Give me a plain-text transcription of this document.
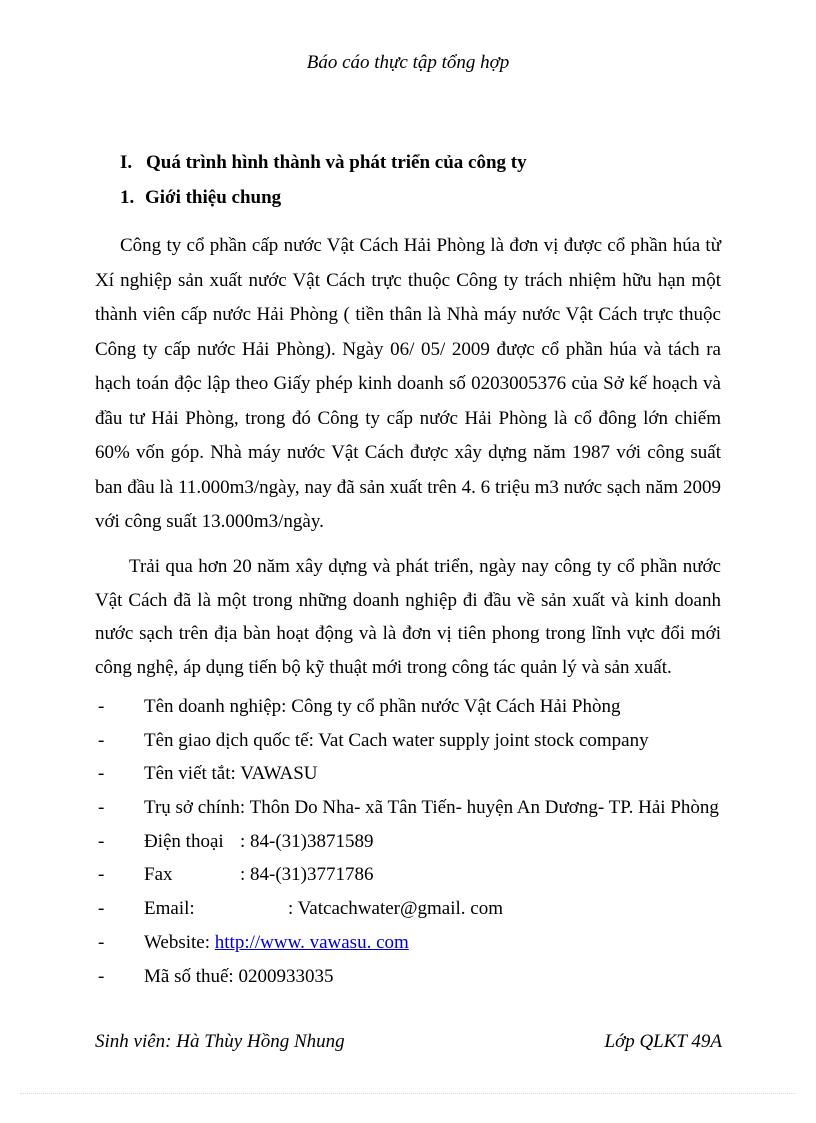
Báo cáo thực tập tổng hợp
I. Quá trình hình thành và phát triển của công ty
1. Giới thiệu chung

Công ty cổ phần cấp nước Vật Cách Hải Phòng là đơn vị được cổ phần húa từ Xí nghiệp sản xuất nước Vật Cách trực thuộc Công ty trách nhiệm hữu hạn một thành viên cấp nước Hải Phòng ( tiền thân là Nhà máy nước Vật Cách trực thuộc Công ty cấp nước Hải Phòng). Ngày 06/ 05/ 2009 được cổ phần húa và tách ra hạch toán độc lập theo Giấy phép kinh doanh số 0203005376 của Sở kế hoạch và đầu tư Hải Phòng, trong đó Công ty cấp nước Hải Phòng là cổ đông lớn chiếm 60% vốn góp. Nhà máy nước Vật Cách được xây dựng năm 1987 với công suất ban đầu là 11.000m3/ngày, nay đã sản xuất trên 4. 6 triệu m3 nước sạch năm 2009 với công suất 13.000m3/ngày.

Trải qua hơn 20 năm xây dựng và phát triển, ngày nay công ty cổ phần nước Vật Cách đã là một trong những doanh nghiệp đi đầu về sản xuất và kinh doanh nước sạch trên địa bàn hoạt động và là đơn vị tiên phong trong lĩnh vực đổi mới công nghệ, áp dụng tiến bộ kỹ thuật mới trong công tác quản lý và sản xuất.

- Tên doanh nghiệp: Công ty cổ phần nước Vật Cách Hải Phòng
- Tên giao dịch quốc tế: Vat Cach water supply joint stock company
- Tên viết tắt: VAWASU
- Trụ sở chính: Thôn Do Nha- xã Tân Tiến- huyện An Dương- TP. Hải Phòng
- Điện thoại : 84-(31)3871589
- Fax	: 84-(31)3771786
- Email:	: Vatcachwater@gmail. com
- Website: http://www. vawasu. com
- Mã số thuế: 0200933035
Sinh viên: Hà Thùy Hồng Nhung	Lớp QLKT 49A
